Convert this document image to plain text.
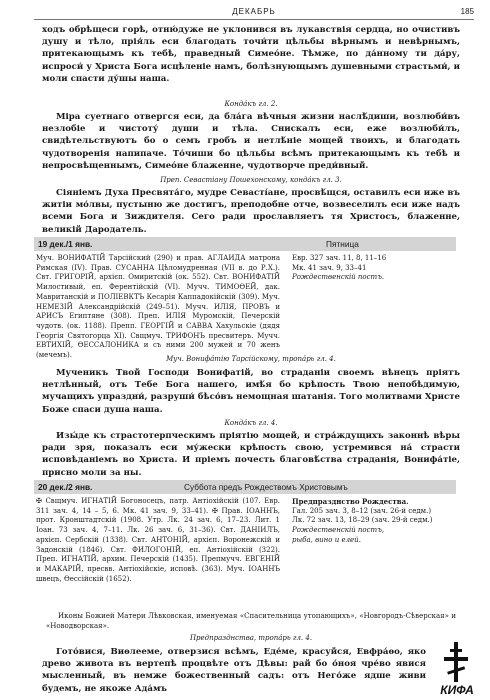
ДЕКАБРЬ	185

ходъ обрѣщеси горѣ, отню́дуже не уклонився въ лукавствія сердца, но очистивъ душу и тѣло, прія́ль еси благодать точи́ти цѣльбы вѣрнымъ и невѣрнымъ, притекающымъ къ тебѣ, праведный Симеóне. Тѣмже, по да́нному ти да́ру, испроси́ у Христа Бога исцѣленіе намъ, болѣзнующымъ душевными страстьми́, и моли спасти ду́шы наша.

Конда́къ гл. 2.

Міра суетнаго отвергся еси, да бла́га вѣчныя жизни наслѣ́диши, возлюби́въ незлобіе и чистоту́ души и тѣла. Снискалъ еси, еже возлюби́лъ, свидѣтельствуютъ бо о семъ гробъ и нетлѣ́ніе мощей твоихъ, и благодать чудотворенія напипаче. То́чиши бо цѣльбы всѣмъ притекающымъ къ тебѣ и непросвѣщеннымъ, Симеóне блаженне, чудотворче преди́вный.

Преп. Севастіану Пошехонскому, конда́къ гл. 3.

Сіяніемъ Духа Пресвята́го, мудре Севасті́ане, просвѣ́щся, оставилъ еси иже въ житіи мо́лвы, пустыню же достигъ, преподобне отче, возвеселилъ еси иже надъ всеми Бога и Зиждителя. Сего ради прославляетъ тя Христосъ, блаженне, великій Дародатель.

19 дек./1 янв.	Пятница

Муч. ВОНИФАТІЙ Тарсійский (290) и прав. АГЛАИДА матрона Римская (IV). Прав. СУСАННА Цѣломудренная (VII в. до Р.Х.). Свт. ГРИГОРІЙ, архієп. Омиритскій (ок. 552). Свт. ВОНИФАТІЙ Милостивый, еп. Ферентійскій (VI). Мучч. ТИМОѲЕЙ, дак. Мавританскій и ПОЛІЕВКТЪ Кесарія Каппадокійскій (309). Муч. НЕМЕЗІЙ Александрійскій (249–51). Мучч. ИЛІЯ, ПРОВЪ и АРИСЪ Египтяне (308). Преп. ИЛІЯ Муромскій, Печерскій чудотв. (ок. 1188). Препп. ГЕОРГІЙ и САВВА Хахульскіе (дядя Георгія Святогорца XI). Свщмуч. ТРИФОНЪ пресвитеръ. Мучч. ЕВТИХІЙ, ѲЕССАЛОНИКА и съ ними 200 мужей и 70 женъ (мечемъ).

Евр. 327 зач. 11, 8, 11–16

Мк. 41 зач. 9, 33–41

Рождественскій постъ.

Муч. Вонифа́тію Тарсійскому, тропа́рь гл. 4.

Мученикъ Твой Господи Вонифатій, во страданіи своемъ вѣнецъ пріятъ нетлѣнный, отъ Тебе Бога нашего, имѣ́я бо крѣпость Твою непобѣдимую, мучащихъ упраздни́, разруши́ бѣсо́въ немощная шатанія. Того молитвами Христе Боже спаси душа наша.

Конда́къ гл. 4.

Изы́де къ страстотерпческимъ пріятію мощей, и стра́ждущихъ законнѣ вѣры ради зря, показалъ еси му́жески крѣпость свою, устремився на́ страсти исповѣданіемъ во Христа. И пріемъ почесть благовѣ́ства страданія, Вонифа́тіе, присно моли за ны.

20 дек./2 янв.	Суббота предъ Рождествомъ Христовымъ

✠ Свщмуч. ИГНАТІЙ Богоносецъ, патр. Антіохійскій (107. Евр. 311 зач. 4, 14 – 5, 6. Мк. 41 зач. 9, 33–41). ✠ Прав. ІОАННЪ, прот. Кронштадтскій (1908. Утр. Лк. 24 зач. 6, 17–23. Лит. 1 Іоан. 73 зач. 4, 7–11. Лк. 26 зач. 6, 31–36). Свт. ДАНІИЛЪ, архієп. Сербскій (1338). Свт. АНТОНІЙ, архієп. Воронежскій и Задонскій (1846). Свт. ФИЛОГОНІЙ, еп. Антіохійскій (322). Преп. ИГНАТІЙ, архим. Печерскій (1435). Препмучч. ЕВГЕНІЙ и МАКАРІЙ, пресвв. Антіохійскіе, исповѣ. (363). Муч. ІОАННЪ швецъ, Ѳессійскій (1652).

Предпразднство Рождества.

Гал. 205 зач. 3, 8–12 (зач. 26-й седм.)

Лк. 72 зач. 13, 18–29 (зач. 29-й седм.)

Рождественскій постъ,

рыба, вино и елей.

Иконы Божией Матери Лѣвковская, именуемая «Спасительница утопающихъ», «Новгородъ-Сѣверская» и «Новодворская».

Предпразднства, тропа́рь гл. 4.

Гото́вися, Виѳлееме, отверзися всѣмъ, Еде́ме, красуйся, Евфра́ѳо, яко древо живота въ вертепѣ процвѣте отъ Дѣвы: рай бо о́ноя чре́во явися мысленный, въ немже божественный садъ: отъ Него́же ядше живи будемъ, не якоже Ада́мъ	КИФА
